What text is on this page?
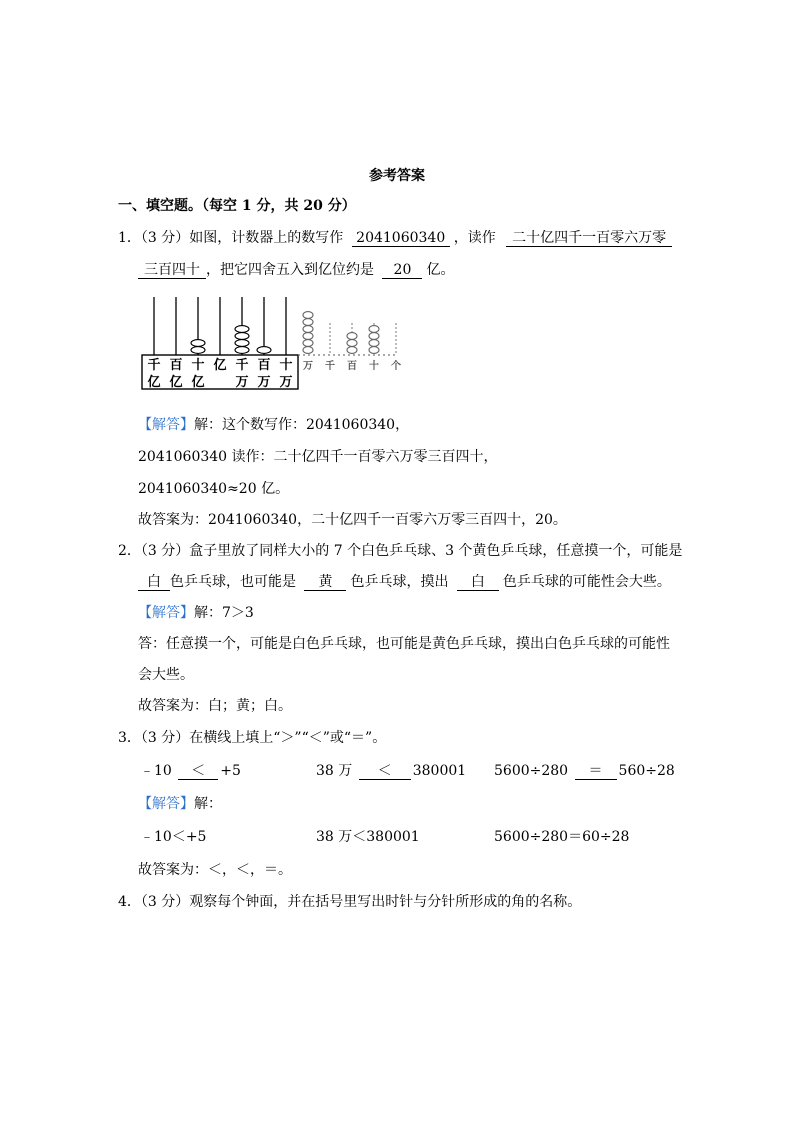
参考答案
一、填空题。（每空 1 分，共 20 分）
1．（3 分）如图，计数器上的数写作 2041060340 ，读作 二十亿四千一百零六万零
三百四十 ，把它四舍五入到亿位约是 20 亿。
千
亿
百
亿
十
亿
亿 千
万
百
万
十
万
万 千 百 十 个
【解答】解：这个数写作：2041060340，
2041060340 读作：二十亿四千一百零六万零三百四十，
2041060340≈20 亿。
故答案为：2041060340，二十亿四千一百零六万零三百四十，20。
2．（3 分）盒子里放了同样大小的 7 个白色乒乓球、3 个黄色乒乓球，任意摸一个，可能是
白 色乒乓球，也可能是 黄 色乒乓球，摸出 白 色乒乓球的可能性会大些。
【解答】解：7＞3
答：任意摸一个，可能是白色乒乓球，也可能是黄色乒乓球，摸出白色乒乓球的可能性
会大些。
故答案为：白；黄；白。
3．（3 分）在横线上填上“＞”“＜”或“＝”。
﹣10 ＜ +5	38 万 ＜ 380001 5600÷280 ＝ 560÷28
【解答】解：
﹣10＜+5	38 万＜380001	5600÷280＝60÷28
故答案为：＜，＜，＝。
4．（3 分）观察每个钟面，并在括号里写出时针与分针所形成的角的名称。
